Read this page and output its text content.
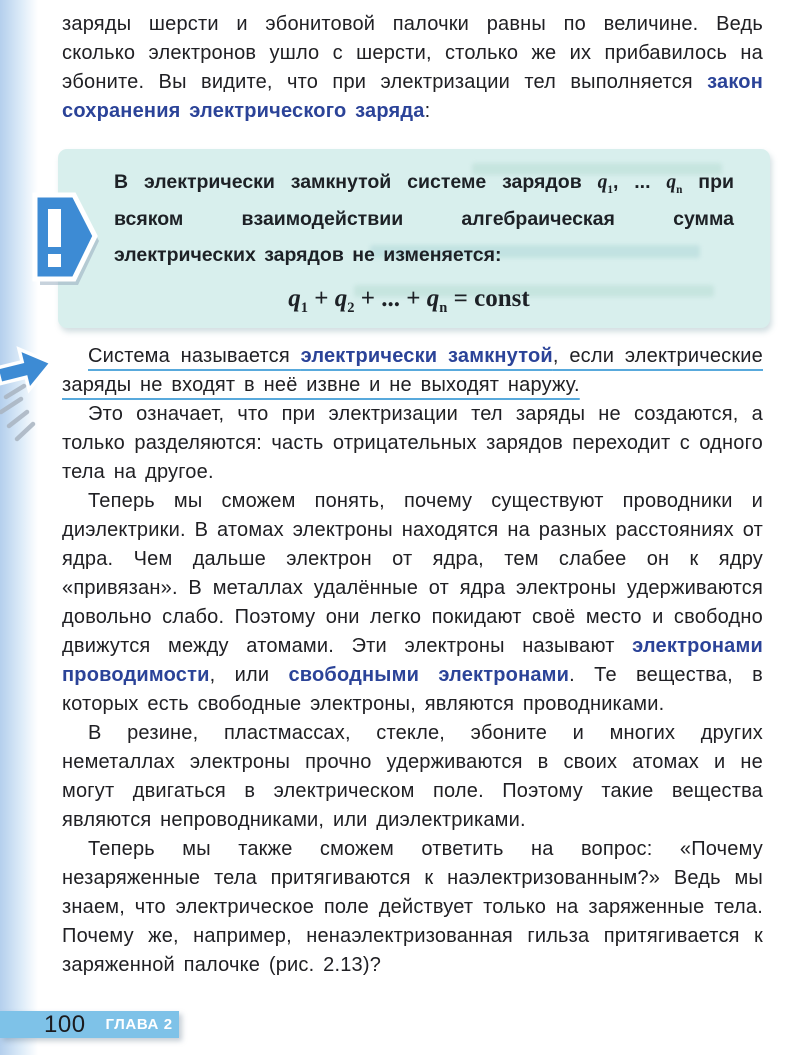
заряды шерсти и эбонитовой палочки равны по величине. Ведь сколько электронов ушло с шерсти, столько же их прибавилось на эбоните. Вы видите, что при электризации тел выполняется закон сохранения электрического заряда:

В электрически замкнутой системе зарядов $q_1$, ... $q_n$ при всяком взаимодействии алгебраическая сумма электрических зарядов не изменяется:

$q_1 + q_2$ + ... + $q_n$ = const

Система называется электрически замкнутой, если электрические заряды не входят в неё извне и не выходят наружу.

Это означает, что при электризации тел заряды не создаются, а только разделяются: часть отрицательных зарядов переходит с одного тела на другое.

Теперь мы сможем понять, почему существуют проводники и диэлектрики. В атомах электроны находятся на разных расстояниях от ядра. Чем дальше электрон от ядра, тем слабее он к ядру «привязан». В металлах удалённые от ядра электроны удерживаются довольно слабо. Поэтому они легко покидают своё место и свободно движутся между атомами. Эти электроны называют электронами проводимости, или свободными электронами. Те вещества, в которых есть свободные электроны, являются проводниками.

В резине, пластмассах, стекле, эбоните и многих других неметаллах электроны прочно удерживаются в своих атомах и не могут двигаться в электрическом поле. Поэтому такие вещества являются непроводниками, или диэлектриками.

Теперь мы также сможем ответить на вопрос: «Почему незаряженные тела притягиваются к наэлектризованным?» Ведь мы знаем, что электрическое поле действует только на заряженные тела. Почему же, например, ненаэлектризованная гильза притягивается к заряженной палочке (рис. 2.13)?

100 ГЛАВА 2
